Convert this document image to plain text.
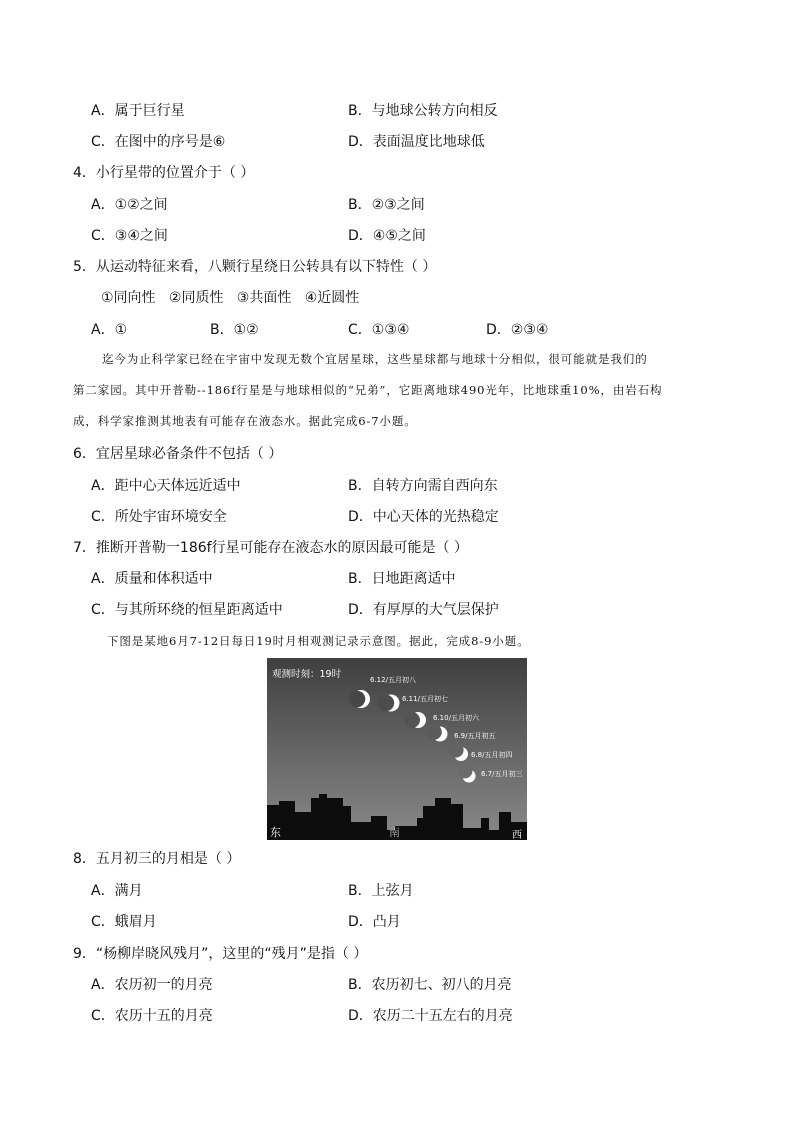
A．属于巨行星	B．与地球公转方向相反
C．在图中的序号是⑥	D．表面温度比地球低
4．小行星带的位置介于（ ）
A．①②之间	B．②③之间
C．③④之间	D．④⑤之间
5．从运动特征来看，八颗行星绕日公转具有以下特性（ ）
①同向性   ②同质性   ③共面性   ④近圆性
A．①	B．①②	C．①③④	D．②③④
迄今为止科学家已经在宇宙中发现无数个宜居星球，这些星球都与地球十分相似，很可能就是我们的
第二家园。其中开普勒--186f行星是与地球相似的“兄弟”，它距离地球490光年，比地球重10%，由岩石构
成，科学家推测其地表有可能存在液态水。据此完成6-7小题。
6．宜居星球必备条件不包括（ ）
A．距中心天体远近适中	B．自转方向需自西向东
C．所处宇宙环境安全	D．中心天体的光热稳定
7．推断开普勒一186f行星可能存在液态水的原因最可能是（ ）
A．质量和体积适中	B．日地距离适中
C．与其所环绕的恒星距离适中	D．有厚厚的大气层保护
下图是某地6月7-12日每日19时月相观测记录示意图。据此，完成8-9小题。
观测时刻：19时	6.12/五月初八
6.11/五月初七
6.10/五月初六
6.9/五月初五
6.8/五月初四
6.7/五月初三
东	南	西
8．五月初三的月相是（ ）
A．满月	B．上弦月
C．蛾眉月	D．凸月
9．“杨柳岸晓风残月”，这里的“残月”是指（ ）
A．农历初一的月亮	B．农历初七、初八的月亮
C．农历十五的月亮	D．农历二十五左右的月亮
